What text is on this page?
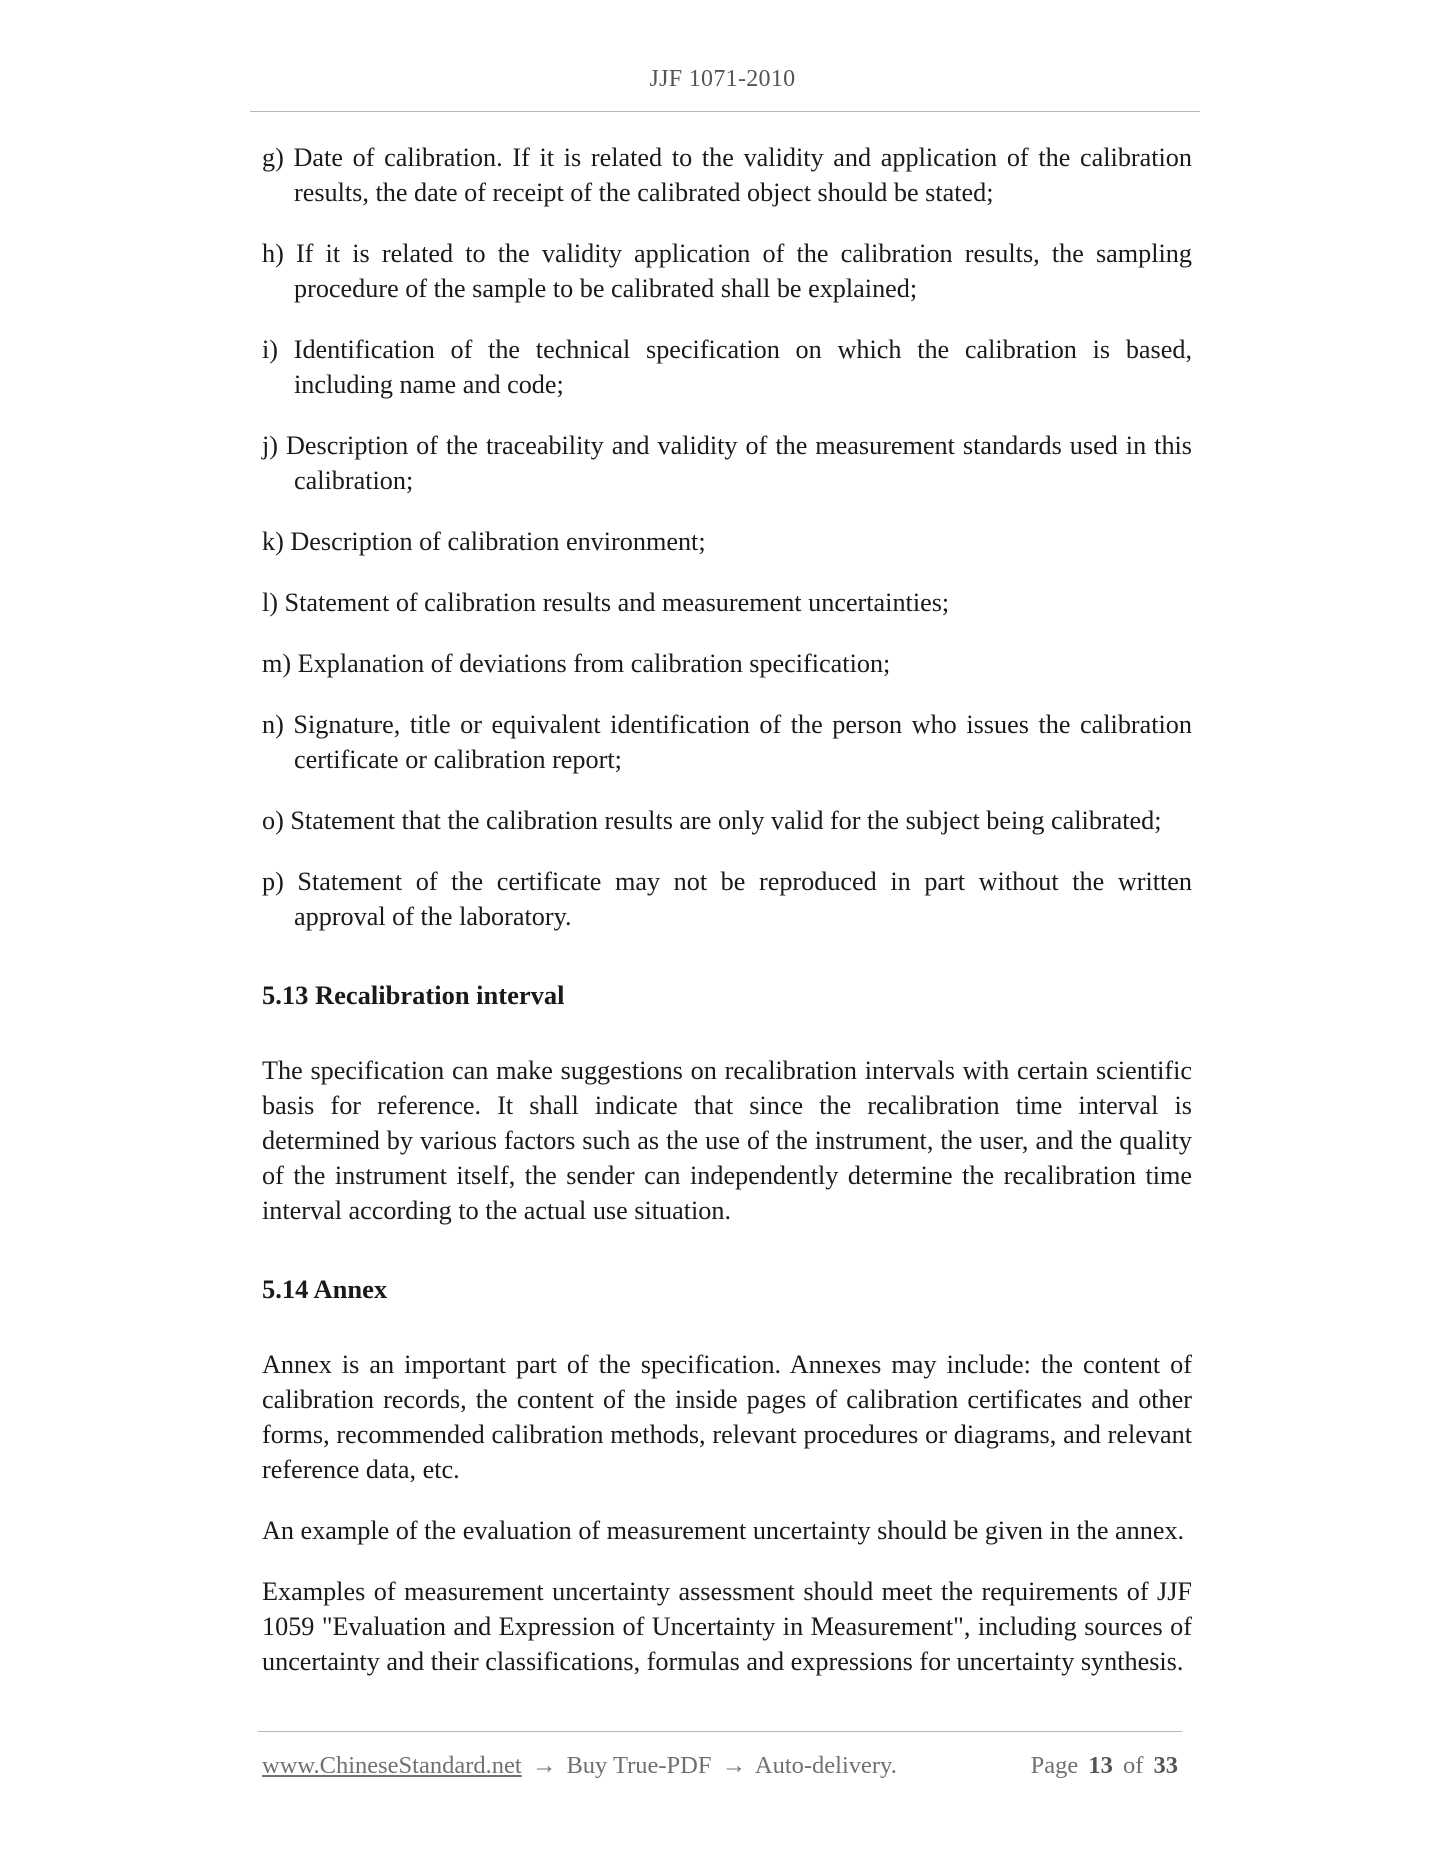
JJF 1071-2010
g) Date of calibration. If it is related to the validity and application of the calibration results, the date of receipt of the calibrated object should be stated;
h) If it is related to the validity application of the calibration results, the sampling procedure of the sample to be calibrated shall be explained;
i) Identification of the technical specification on which the calibration is based, including name and code;
j) Description of the traceability and validity of the measurement standards used in this calibration;
k) Description of calibration environment;
l) Statement of calibration results and measurement uncertainties;
m) Explanation of deviations from calibration specification;
n) Signature, title or equivalent identification of the person who issues the calibration certificate or calibration report;
o) Statement that the calibration results are only valid for the subject being calibrated;
p) Statement of the certificate may not be reproduced in part without the written approval of the laboratory.
5.13 Recalibration interval
The specification can make suggestions on recalibration intervals with certain scientific basis for reference. It shall indicate that since the recalibration time interval is determined by various factors such as the use of the instrument, the user, and the quality of the instrument itself, the sender can independently determine the recalibration time interval according to the actual use situation.
5.14 Annex
Annex is an important part of the specification. Annexes may include: the content of calibration records, the content of the inside pages of calibration certificates and other forms, recommended calibration methods, relevant procedures or diagrams, and relevant reference data, etc.
An example of the evaluation of measurement uncertainty should be given in the annex.
Examples of measurement uncertainty assessment should meet the requirements of JJF 1059 "Evaluation and Expression of Uncertainty in Measurement", including sources of uncertainty and their classifications, formulas and expressions for uncertainty synthesis.
www.ChineseStandard.net → Buy True-PDF → Auto-delivery.	Page 13 of 33
